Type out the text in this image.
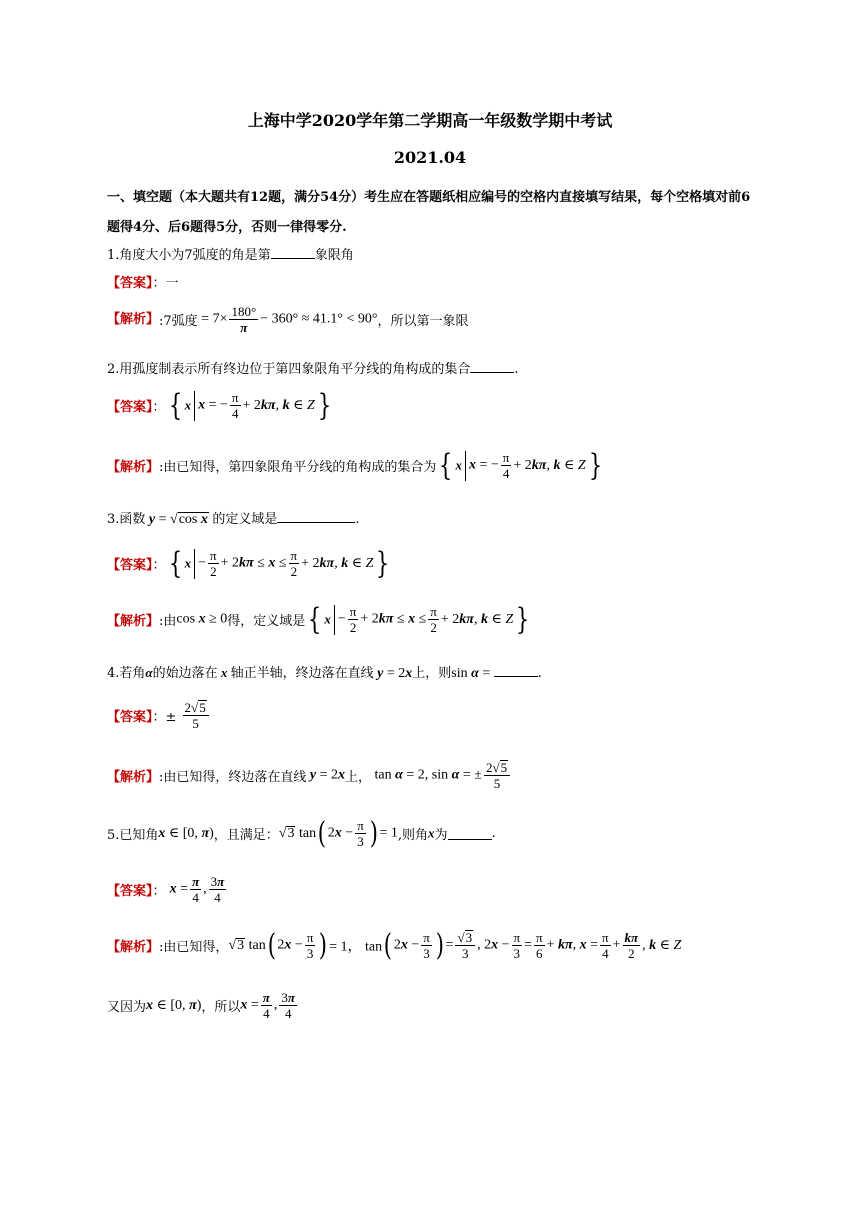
上海中学2020学年第二学期高一年级数学期中考试
2021.04
一、填空题（本大题共有12题，满分54分）考生应在答题纸相应编号的空格内直接填写结果，每个空格填对前6
题得4分、后6题得5分，否则一律得零分.
1.角度大小为7弧度的角是第	象限角
【答案】：一
【解析】:7弧度 = $7\times \frac{180^\circ}{\pi} - 360^\circ \approx 41.1^\circ < 90^\circ$，所以第一象限
2.用孤度制表示所有终边位于第四象限角平分线的角构成的集合	.
【答案】：{ x x = − $\frac{\pi}{4} + 2k\pi$, k ∈ Z}
【解析】:由已知得，第四象限角平分线的角构成的集合为{ x x = − $\frac{\pi}{4} + 2k\pi$, k ∈ Z}
3.函数 y = √cos x 的定义域是	.
【答案】：{ $x - \frac{\pi}{2} + 2k\pi \le x \le \frac{\pi}{2} + 2k\pi$, k ∈ Z}
【解析】:由cos x ≥ 0得，定义域是{ $x - \frac{\pi}{2} + 2k\pi \le x \le \frac{\pi}{2} + 2k\pi$, k ∈ Z}
4.若角α的始边落在 x 轴正半轴，终边落在直线 y = 2x上，则sin α =	.
【答案】：± $\frac{2√5}{5}$
【解析】:由已知得，终边落在直线 y = 2x上， tan α = 2, sin α = ± $\frac{2√5}{5}$
5.已知角x ∈ [0, π)，且满足：√3 tan( $2x - \frac{\pi}{3}$ ) = 1,则角x为	.
【答案】： $x = \frac{\pi}{4}$ , $\frac{3\pi}{4}$
【解析】:由已知得，√3 tan( $2x - \frac{\pi}{3}$ ) = 1， tan( $2x - \frac{\pi}{3}$ ) = $\frac{√3}{3}$ , $2x - \frac{\pi}{3} = \frac{\pi}{6} + k\pi$, $x = \frac{\pi}{4} + \frac{k\pi}{2}$ , k ∈ Z
又因为x ∈ [0, π)，所以$x = \frac{\pi}{4}$ , $\frac{3\pi}{4}$
